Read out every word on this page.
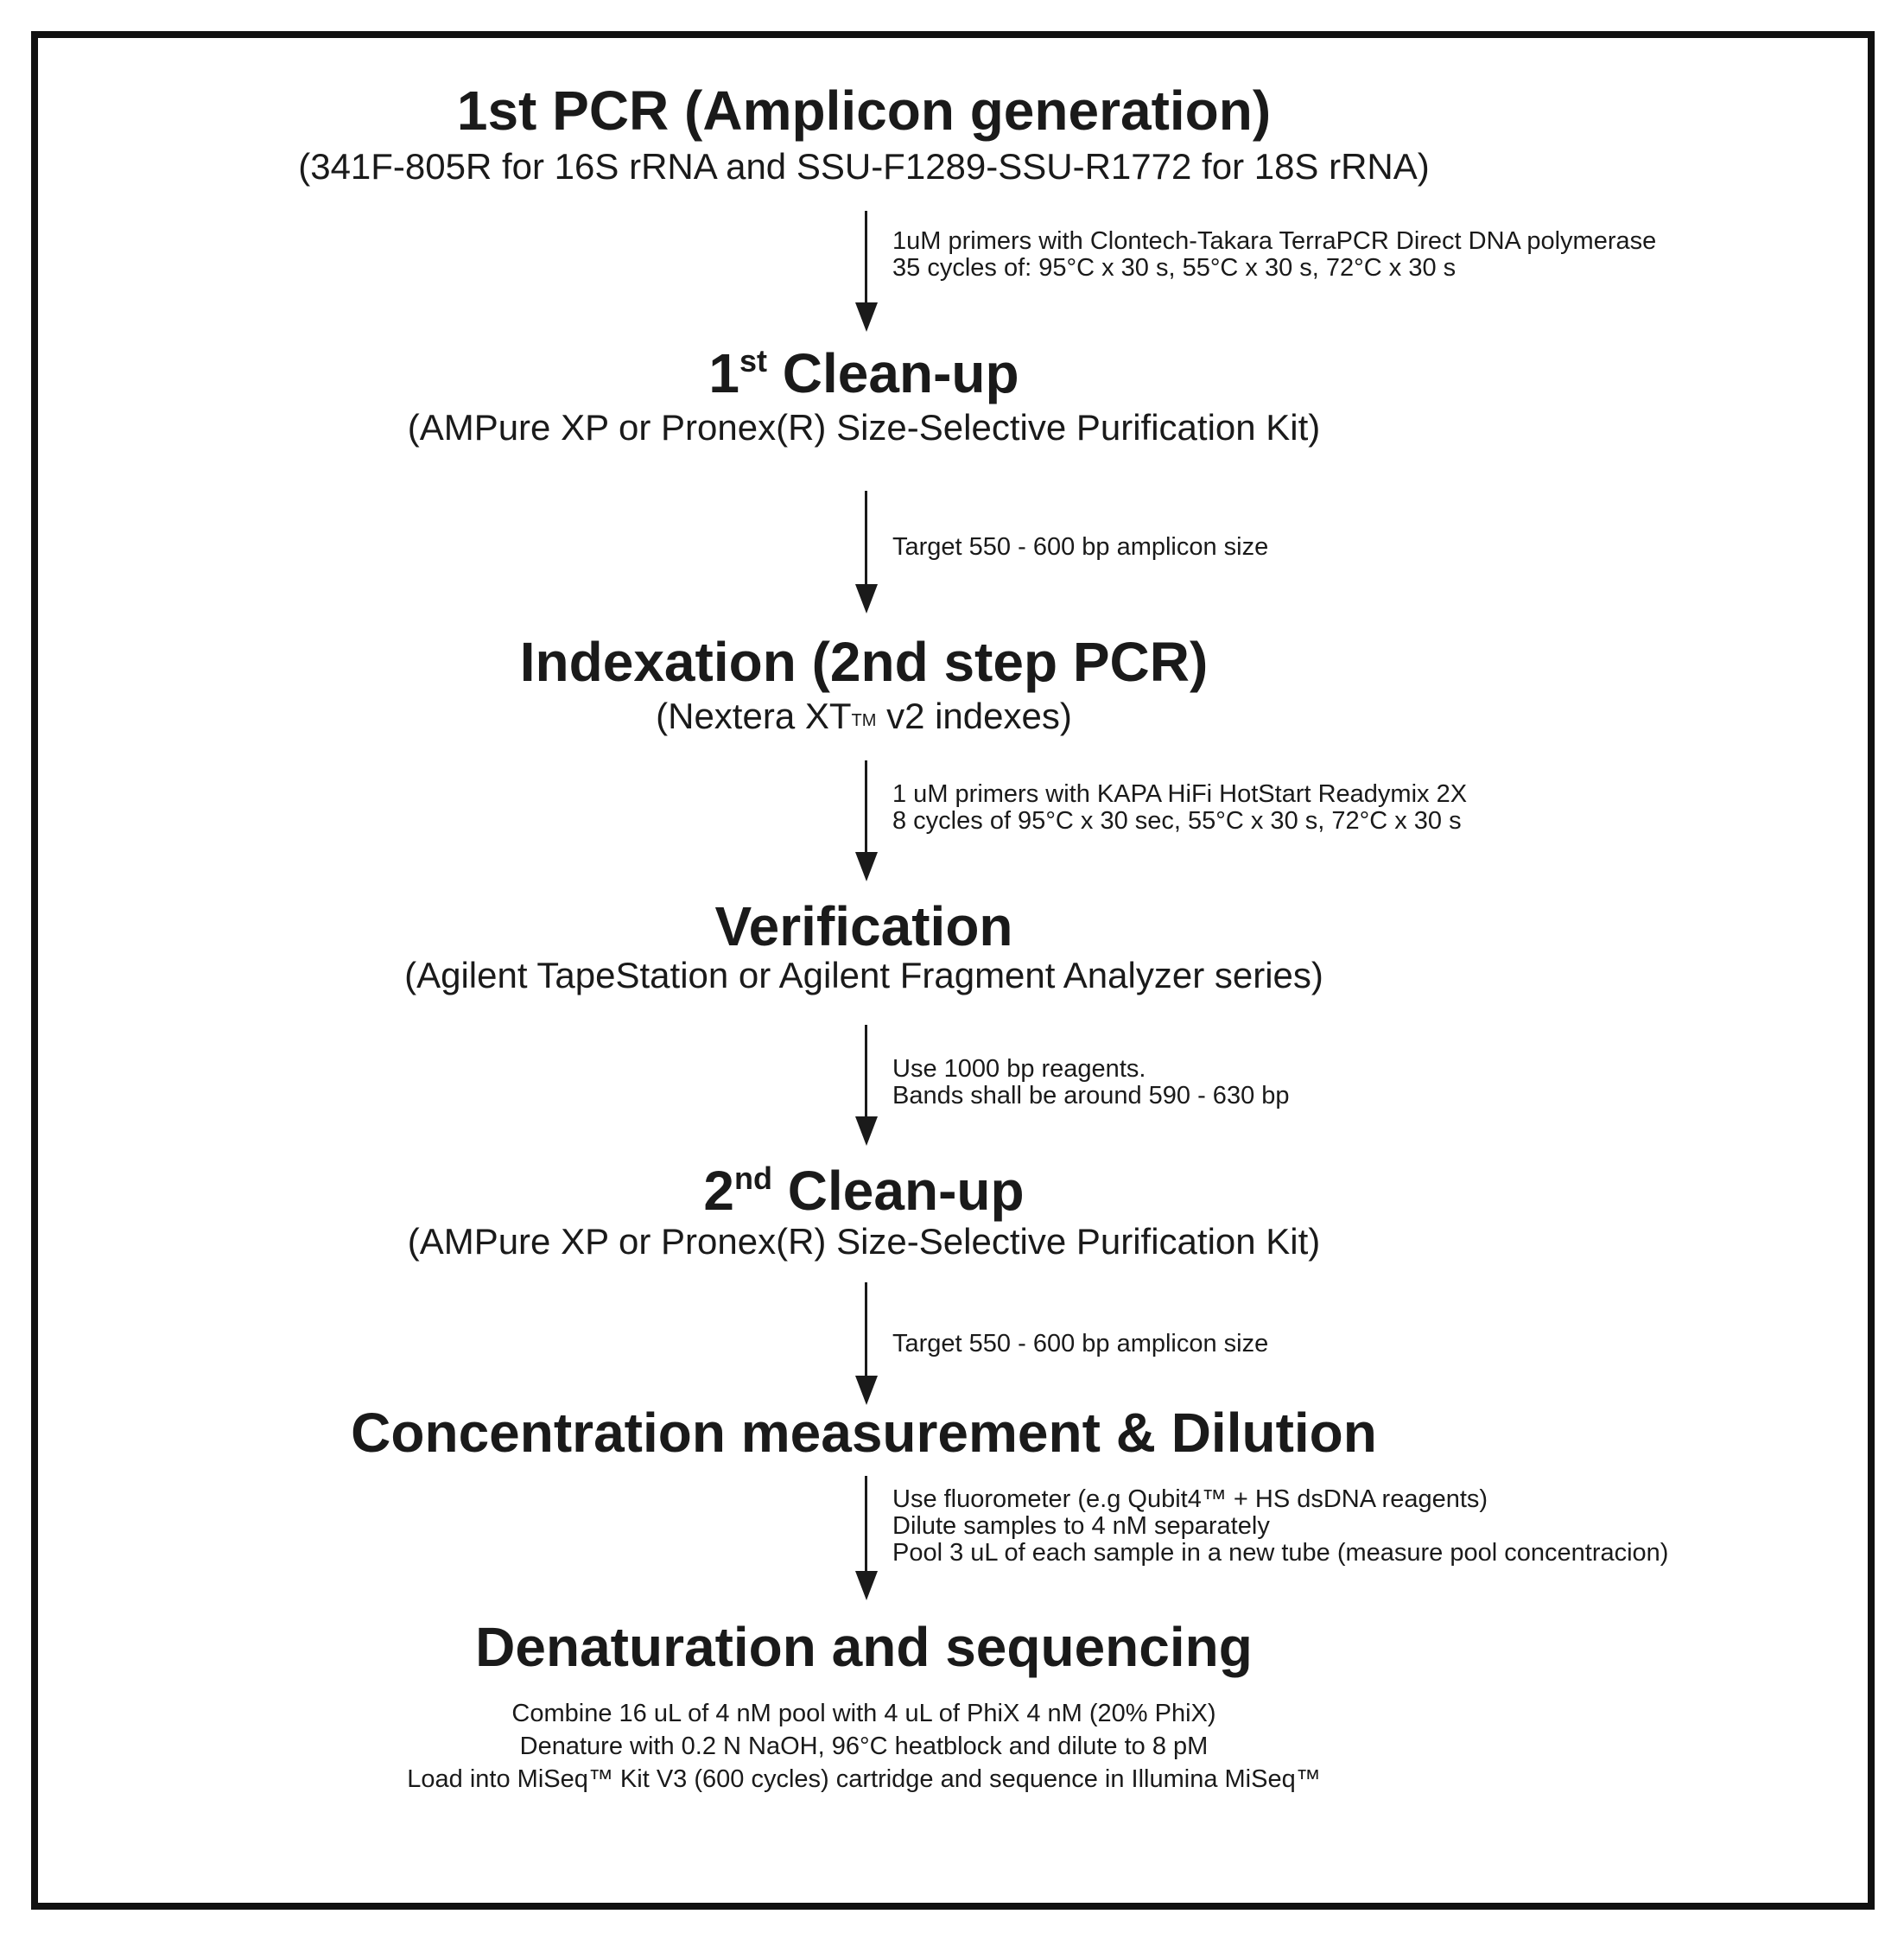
1st PCR (Amplicon generation)
(341F-805R for 16S rRNA and SSU-F1289-SSU-R1772 for 18S rRNA)
1uM primers with Clontech-Takara TerraPCR Direct DNA polymerase
35 cycles of: 95°C x 30 s, 55°C x 30 s, 72°C x 30 s
1st Clean-up
(AMPure XP or Pronex(R) Size-Selective Purification Kit)
Target 550 - 600 bp amplicon size
Indexation (2nd step PCR)
(Nextera XTTM v2 indexes)
1 uM primers with KAPA HiFi HotStart Readymix 2X
8 cycles of 95°C x 30 sec, 55°C x 30 s, 72°C x 30 s
Verification
(Agilent TapeStation or Agilent Fragment Analyzer series)
Use 1000 bp reagents.
Bands shall be around 590 - 630 bp
2nd Clean-up
(AMPure XP or Pronex(R) Size-Selective Purification Kit)
Target 550 - 600 bp amplicon size
Concentration measurement & Dilution
Use fluorometer (e.g Qubit4™ + HS dsDNA reagents)
Dilute samples to 4 nM separately
Pool 3 uL of each sample in a new tube (measure pool concentracion)
Denaturation and sequencing
Combine 16 uL of 4 nM pool with 4 uL of PhiX 4 nM (20% PhiX)
Denature with 0.2 N NaOH, 96°C heatblock and dilute to 8 pM
Load into MiSeq™ Kit V3 (600 cycles) cartridge and sequence in Illumina MiSeq™
